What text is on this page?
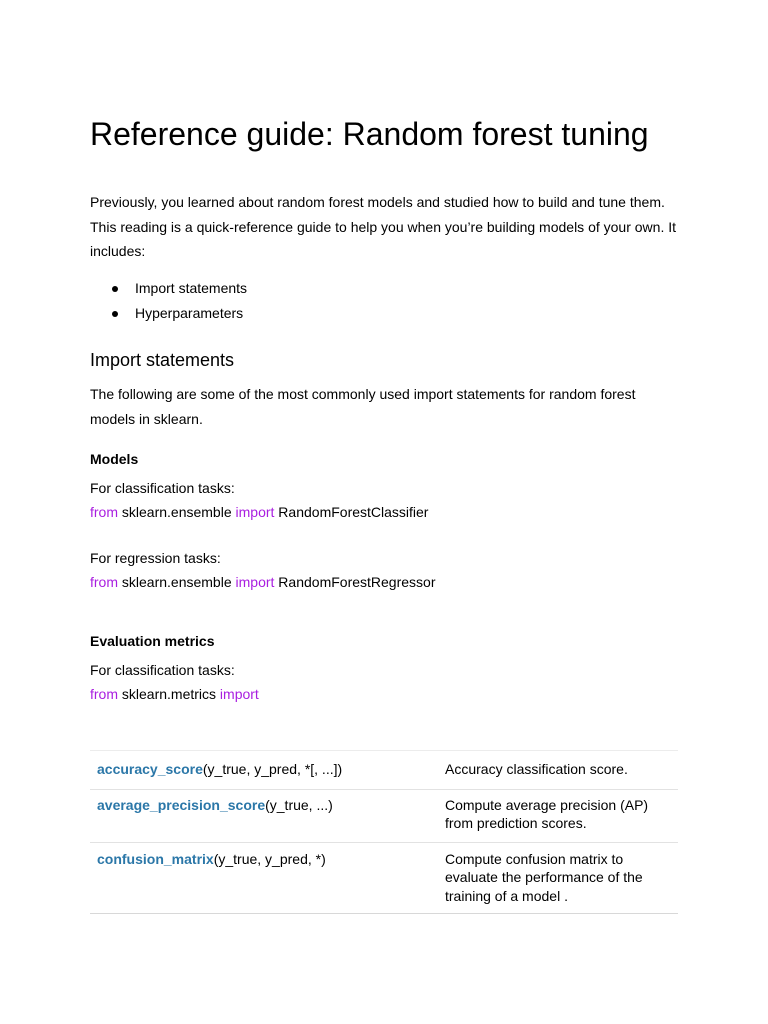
Reference guide: Random forest tuning

Previously, you learned about random forest models and studied how to build and tune them. This reading is a quick-reference guide to help you when you’re building models of your own. It includes:

Import statements
Hyperparameters
Import statements

The following are some of the most commonly used import statements for random forest models in sklearn.

Models

For classification tasks:

from sklearn.ensemble import RandomForestClassifier

For regression tasks:

from sklearn.ensemble import RandomForestRegressor

Evaluation metrics

For classification tasks:

from sklearn.metrics import

accuracy_score(y_true, y_pred, *[, ...])	Accuracy classification score.

average_precision_score(y_true, ...)	Compute average precision (AP) from prediction scores.

confusion_matrix(y_true, y_pred, *)	Compute confusion matrix to evaluate the performance of the training of a model .
